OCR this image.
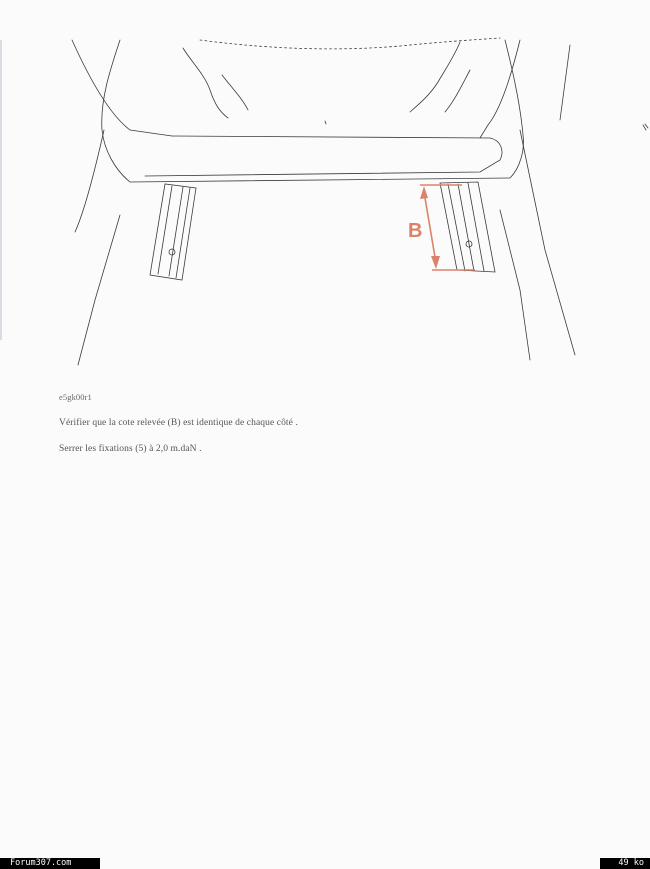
B
e5gk00r1
Vérifier que la cote relevée (B) est identique de chaque côté .
Serrer les fixations (5) à 2,0 m.daN .
Forum307.com	49 ko
